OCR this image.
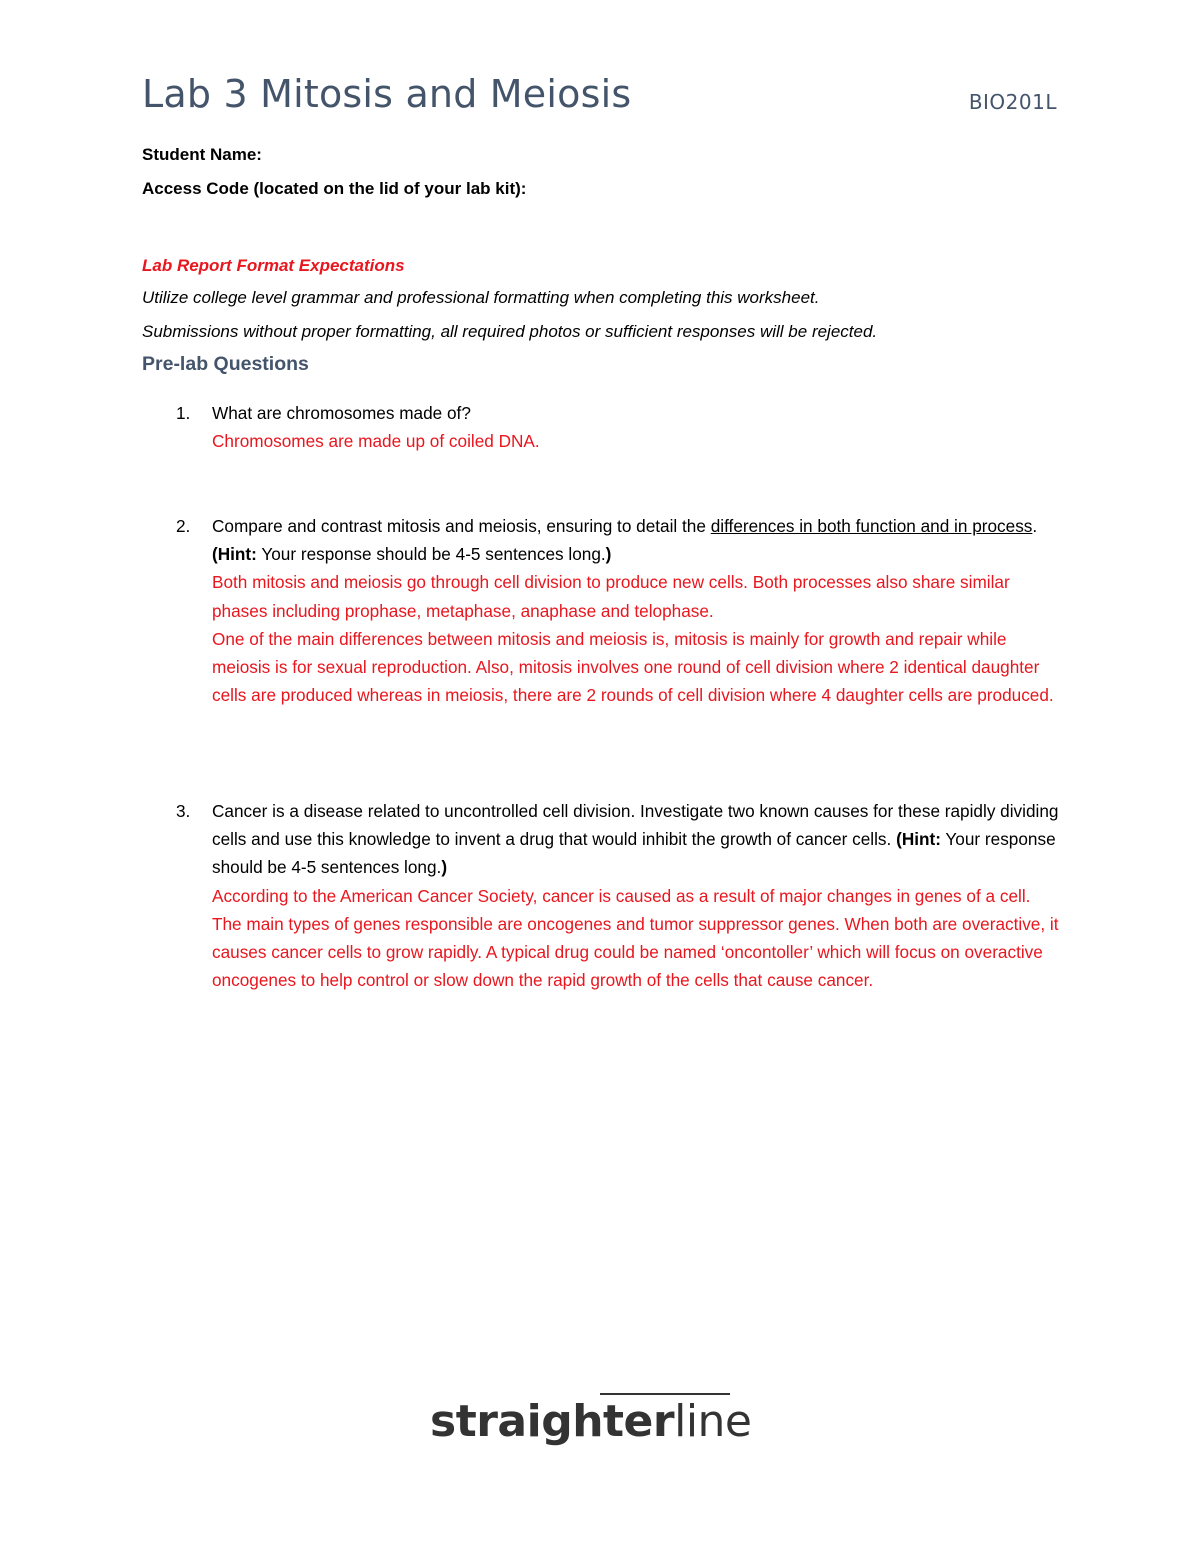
Lab 3 Mitosis and Meiosis	BIO201L
Student Name:
Access Code (located on the lid of your lab kit):
Lab Report Format Expectations
Utilize college level grammar and professional formatting when completing this worksheet.
Submissions without proper formatting, all required photos or sufficient responses will be rejected.
Pre-lab Questions
1. What are chromosomes made of?
Chromosomes are made up of coiled DNA.
2. Compare and contrast mitosis and meiosis, ensuring to detail the differences in both function and in process. (Hint: Your response should be 4-5 sentences long.)
Both mitosis and meiosis go through cell division to produce new cells. Both processes also share similar phases including prophase, metaphase, anaphase and telophase.
One of the main differences between mitosis and meiosis is, mitosis is mainly for growth and repair while meiosis is for sexual reproduction. Also, mitosis involves one round of cell division where 2 identical daughter cells are produced whereas in meiosis, there are 2 rounds of cell division where 4 daughter cells are produced.
3. Cancer is a disease related to uncontrolled cell division. Investigate two known causes for these rapidly dividing cells and use this knowledge to invent a drug that would inhibit the growth of cancer cells. (Hint: Your response should be 4-5 sentences long.)
According to the American Cancer Society, cancer is caused as a result of major changes in genes of a cell. The main types of genes responsible are oncogenes and tumor suppressor genes. When both are overactive, it causes cancer cells to grow rapidly. A typical drug could be named ‘oncontoller’ which will focus on overactive oncogenes to help control or slow down the rapid growth of the cells that cause cancer.
straighterline
